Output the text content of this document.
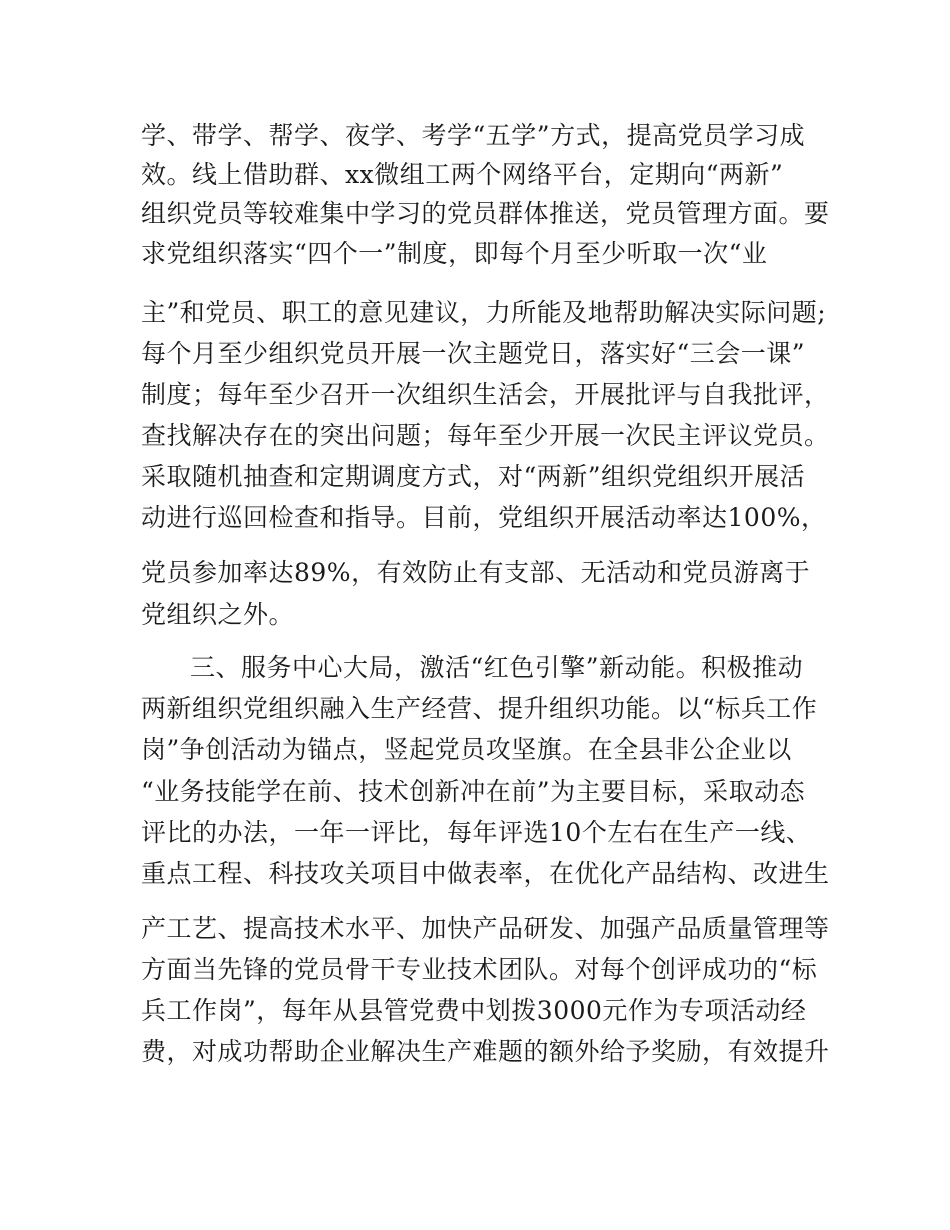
学、带学、帮学、夜学、考学“五学”方式，提高党员学习成
效。线上借助群、xx微组工两个网络平台，定期向“两新”
组织党员等较难集中学习的党员群体推送，党员管理方面。要
求党组织落实“四个一”制度，即每个月至少听取一次“业
主”和党员、职工的意见建议，力所能及地帮助解决实际问题;
每个月至少组织党员开展一次主题党日，落实好“三会一课”
制度；每年至少召开一次组织生活会，开展批评与自我批评，
查找解决存在的突出问题；每年至少开展一次民主评议党员。
采取随机抽查和定期调度方式，对“两新”组织党组织开展活
动进行巡回检查和指导。目前，党组织开展活动率达100%，
党员参加率达89%，有效防止有支部、无活动和党员游离于
党组织之外。
三、服务中心大局，激活“红色引擎”新动能。积极推动
两新组织党组织融入生产经营、提升组织功能。以“标兵工作
岗”争创活动为锚点，竖起党员攻坚旗。在全县非公企业以
“业务技能学在前、技术创新冲在前”为主要目标，采取动态
评比的办法，一年一评比，每年评选10个左右在生产一线、
重点工程、科技攻关项目中做表率，在优化产品结构、改进生
产工艺、提高技术水平、加快产品研发、加强产品质量管理等
方面当先锋的党员骨干专业技术团队。对每个创评成功的“标
兵工作岗”，每年从县管党费中划拨3000元作为专项活动经
费，对成功帮助企业解决生产难题的额外给予奖励，有效提升
